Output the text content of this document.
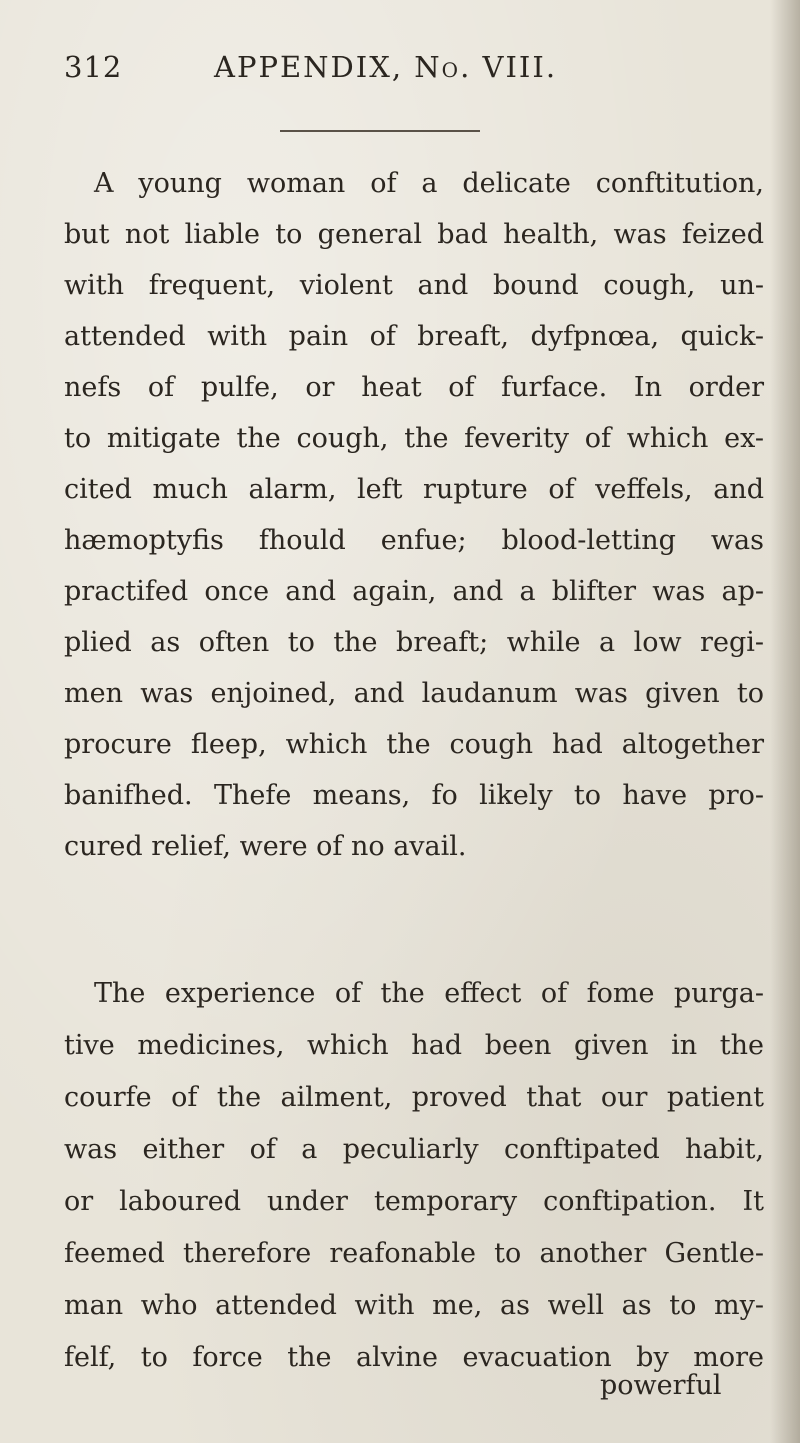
312	APPENDIX, No. VIII.
A young woman of a delicate conftitution,
but not liable to general bad health, was feized
with frequent, violent and bound cough, un-
attended with pain of breaft, dyfpnœa, quick-
nefs of pulfe, or heat of furface. In order
to mitigate the cough, the feverity of which ex-
cited much alarm, left rupture of veffels, and
hæmoptyfis fhould enfue; blood-letting was
practifed once and again, and a blifter was ap-
plied as often to the breaft; while a low regi-
men was enjoined, and laudanum was given to
procure fleep, which the cough had altogether
banifhed. Thefe means, fo likely to have pro-
cured relief, were of no avail.
The experience of the effect of fome purga-
tive medicines, which had been given in the
courfe of the ailment, proved that our patient
was either of a peculiarly conftipated habit,
or laboured under temporary conftipation. It
feemed therefore reafonable to another Gentle-
man who attended with me, as well as to my-
felf, to force the alvine evacuation by more
powerful
